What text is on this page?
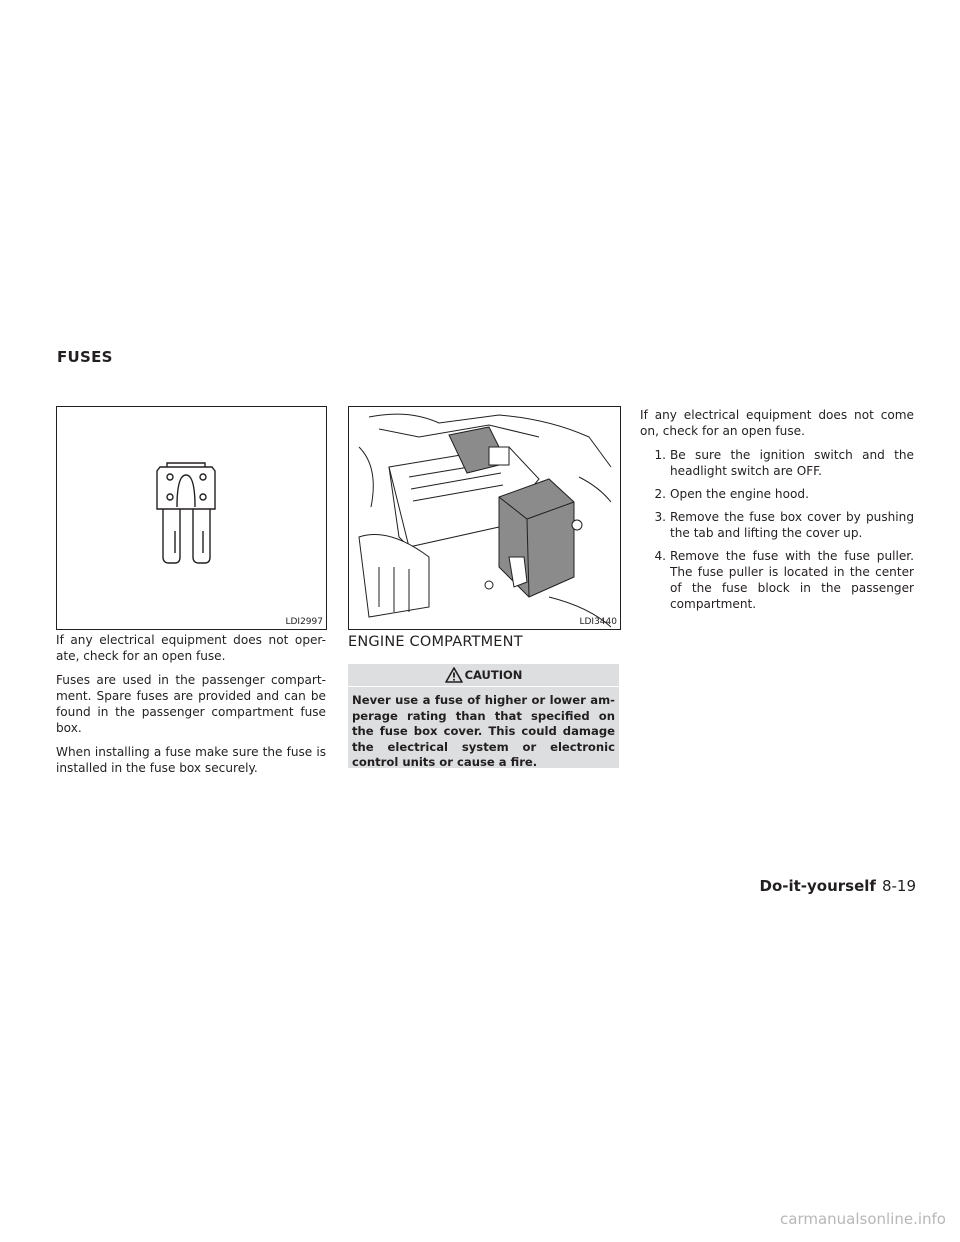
FUSES
LDI2997	LDI3440

If any electrical equipment does not oper- ate, check for an open fuse.

Fuses are used in the passenger compart- ment. Spare fuses are provided and can be found in the passenger compartment fuse box.

When installing a fuse make sure the fuse is installed in the fuse box securely.

ENGINE COMPARTMENT
CAUTION
Never use a fuse of higher or lower am- perage rating than that specified on the fuse box cover. This could damage the electrical system or electronic control units or cause a fire.

If any electrical equipment does not come on, check for an open fuse.

1. Be sure the ignition switch and the headlight switch are OFF.
2. Open the engine hood.
3. Remove the fuse box cover by pushing the tab and lifting the cover up.
4. Remove the fuse with the fuse puller. The fuse puller is located in the center of the fuse block in the passenger compartment.
Do-it-yourself 8-19
carmanualsonline.info
